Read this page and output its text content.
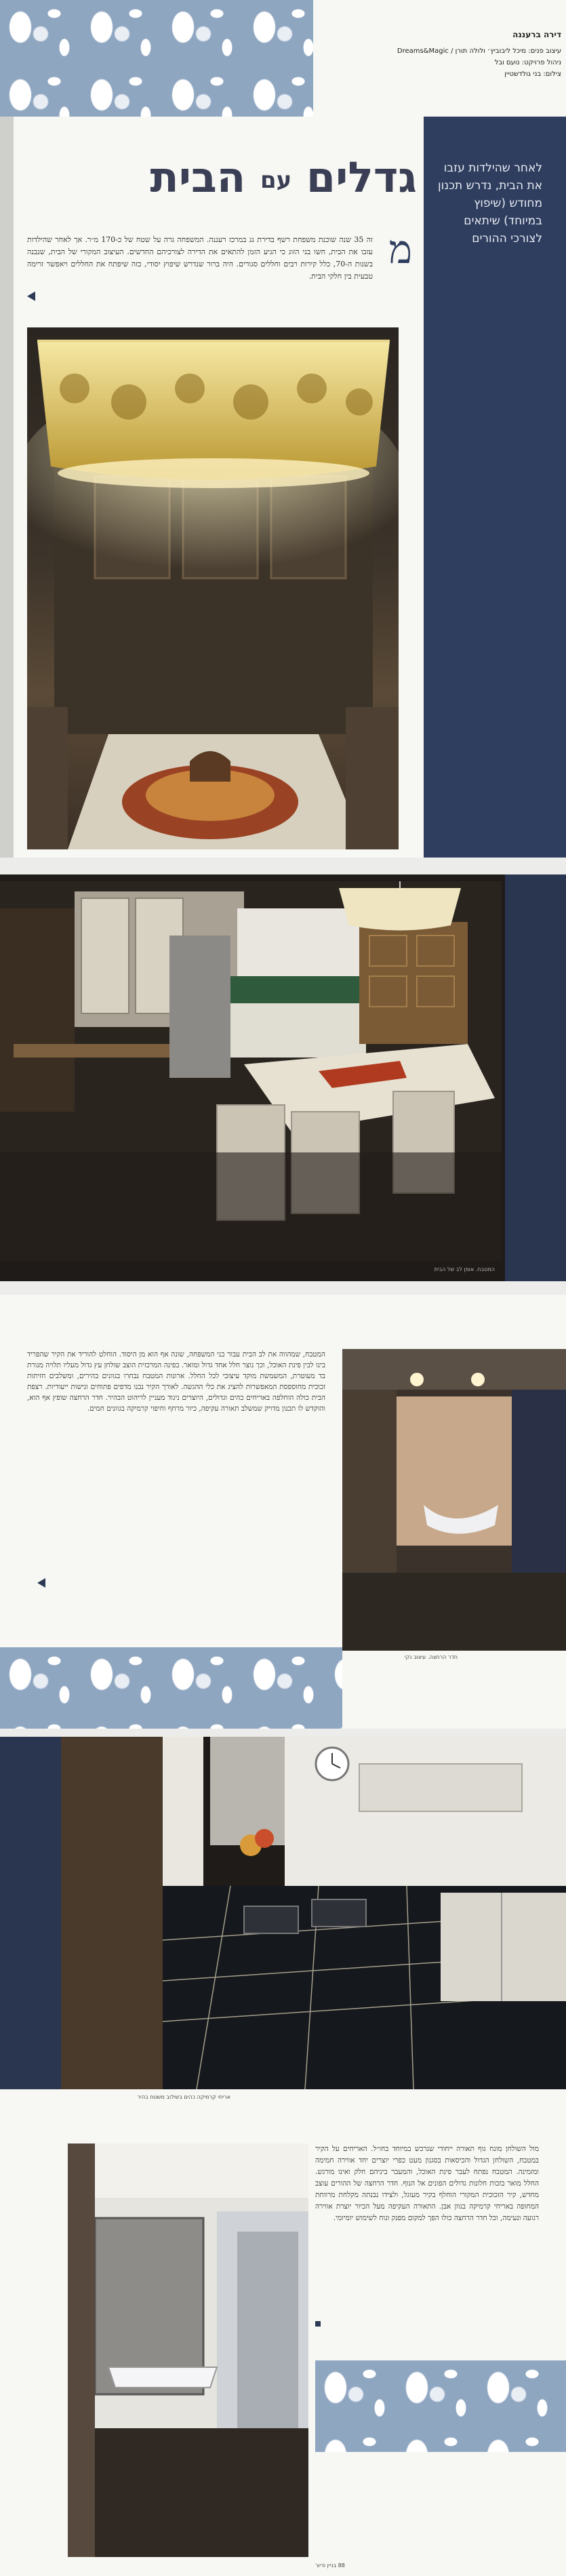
דירה ברעננה
עיצוב פנים: מיכל ליבוביץ׳ ולולה תורן / Dreams&Magic
ניהול פרויקט: נועם ובל
צילום: בני גולדשטיין
לאחר שהילדות עזבו את הבית, נדרש תכנון מחודש (שיפוץ במיוחד) שיתאים לצורכי ההורים
גדלים עם הבית
מ
זה 35 שנה שוכנת משפחת רשף בדירת גג במרכז רעננה. המשפחה גרה על שטח של כ-170 מ״ר. אך לאחר שהילדות עזבו את הבית, חשו בני הזוג כי הגיע הזמן להתאים את הדירה לצורכיהם החדשים. העיצוב המקורי של הבית, שנבנה בשנות ה-70, כלל קירות רבים וחללים סגורים. היה ברור שנדרש שיפוץ יסודי, כזה שיפתח את החללים ויאפשר זרימה טבעית בין חלקי הבית.
המטבח. אופן לב של הבית
המטבח, שמהווה את לב הבית עבור בני המשפחה, שונה אף הוא מן היסוד. הוחלט להוריד את הקיר שהפריד בינו לבין פינת האוכל, וכך נוצר חלל אחד גדול ומואר. בפינה המרכזית הוצב שולחן עץ גדול מעליו תלויה מנורת בד מעוטרת, המשמשת מוקד עיצובי לכל החלל. ארונות המטבח נבחרו בגוונים בהירים, ומשלבים חזיתות זכוכית מחוספסת המאפשרות להציג את כלי ההגשה. לאורך הקיר נבנו מדפים פתוחים ונישות ייעודיות. רצפת הבית כולה הוחלפה באריחים כהים וגדולים, היוצרים ניגוד מעניין לריהוט הבהיר. חדר הרחצה שופץ אף הוא, והוקדש לו תכנון מדויק שמשלב תאורה עקיפה, כיור מרחף וחיפוי קרמיקה בגוונים חמים.
חדר הרחצה. עיצוב נקי
אריחי קרמיקה כהים בשילוב משטח בהיר
מול השולחן מונח גוף תאורה ייחודי שנרכש במיוחד בחו״ל. האריחים על הקיר במטבח, השולחן הגדול והכיסאות בסגנון מעט כפרי יוצרים יחד אווירה חמימה ומזמינה. המטבח נפתח לעבר פינת האוכל, והמעבר ביניהם חלק ואינו מורגש. החלל מואר בזכות חלונות גדולים הפונים אל הנוף. חדר הרחצה של ההורים עוצב מחדש, קיר הזכוכית המקורי הוחלף בקיר מעוגל, ולצידו נבנתה מקלחת מרווחת המחופה באריחי קרמיקה בגוון אבן. התאורה העקיפה מעל הכיור יוצרת אווירה רגועה ונעימה, וכל חדר הרחצה כולו הפך למקום מפנק ונוח לשימוש יומיומי.
88 בניין ודיור
